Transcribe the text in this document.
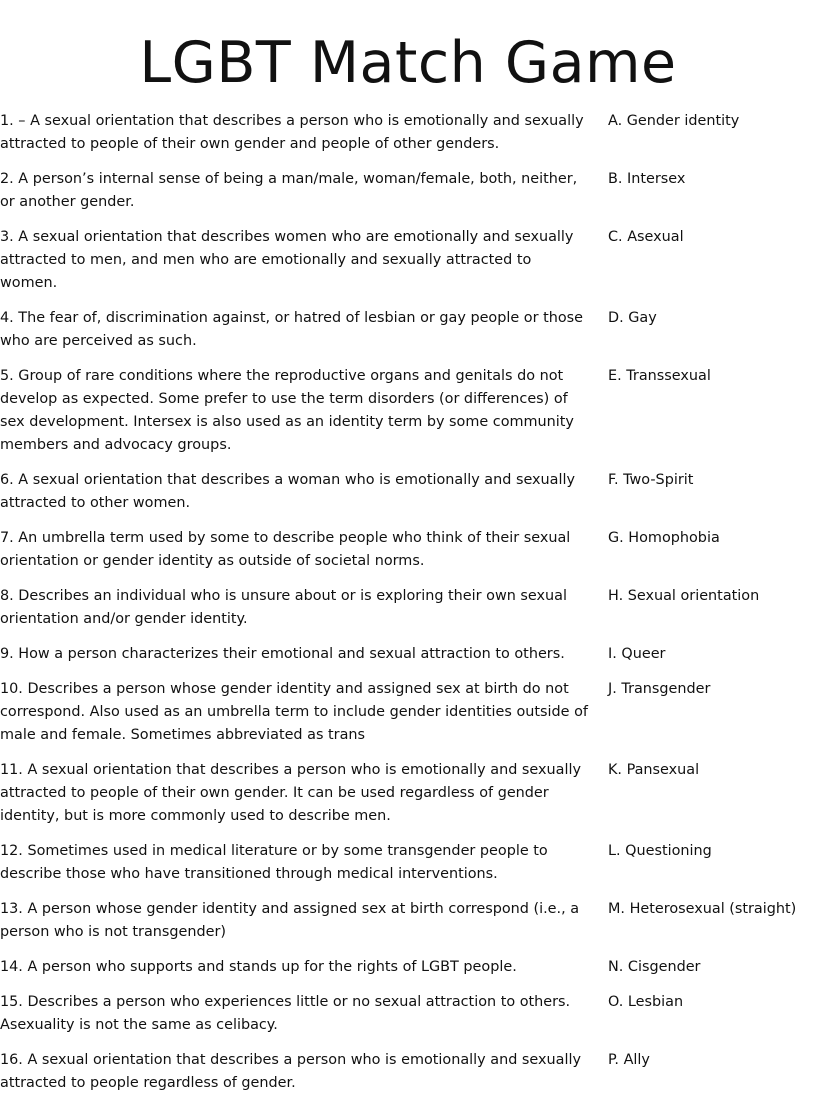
LGBT Match Game
1. – A sexual orientation that describes a person who is emotionally and sexually attracted to people of their own gender and people of other genders.
A. Gender identity
2. A person’s internal sense of being a man/male, woman/female, both, neither, or another gender.
B. Intersex
3. A sexual orientation that describes women who are emotionally and sexually attracted to men, and men who are emotionally and sexually attracted to women.
C. Asexual
4. The fear of, discrimination against, or hatred of lesbian or gay people or those who are perceived as such.
D. Gay
5. Group of rare conditions where the reproductive organs and genitals do not develop as expected. Some prefer to use the term disorders (or differences) of sex development. Intersex is also used as an identity term by some community members and advocacy groups.
E. Transsexual
6. A sexual orientation that describes a woman who is emotionally and sexually attracted to other women.
F. Two-Spirit
7. An umbrella term used by some to describe people who think of their sexual orientation or gender identity as outside of societal norms.
G. Homophobia
8. Describes an individual who is unsure about or is exploring their own sexual orientation and/or gender identity.
H. Sexual orientation
9. How a person characterizes their emotional and sexual attraction to others.	I. Queer
10. Describes a person whose gender identity and assigned sex at birth do not correspond. Also used as an umbrella term to include gender identities outside of male and female. Sometimes abbreviated as trans
J. Transgender
11. A sexual orientation that describes a person who is emotionally and sexually attracted to people of their own gender. It can be used regardless of gender identity, but is more commonly used to describe men.
K. Pansexual
12. Sometimes used in medical literature or by some transgender people to describe those who have transitioned through medical interventions.
L. Questioning
13. A person whose gender identity and assigned sex at birth correspond (i.e., a person who is not transgender)
M. Heterosexual (straight)
14. A person who supports and stands up for the rights of LGBT people.	N. Cisgender
15. Describes a person who experiences little or no sexual attraction to others. Asexuality is not the same as celibacy.
O. Lesbian
16. A sexual orientation that describes a person who is emotionally and sexually attracted to people regardless of gender.
P. Ally
